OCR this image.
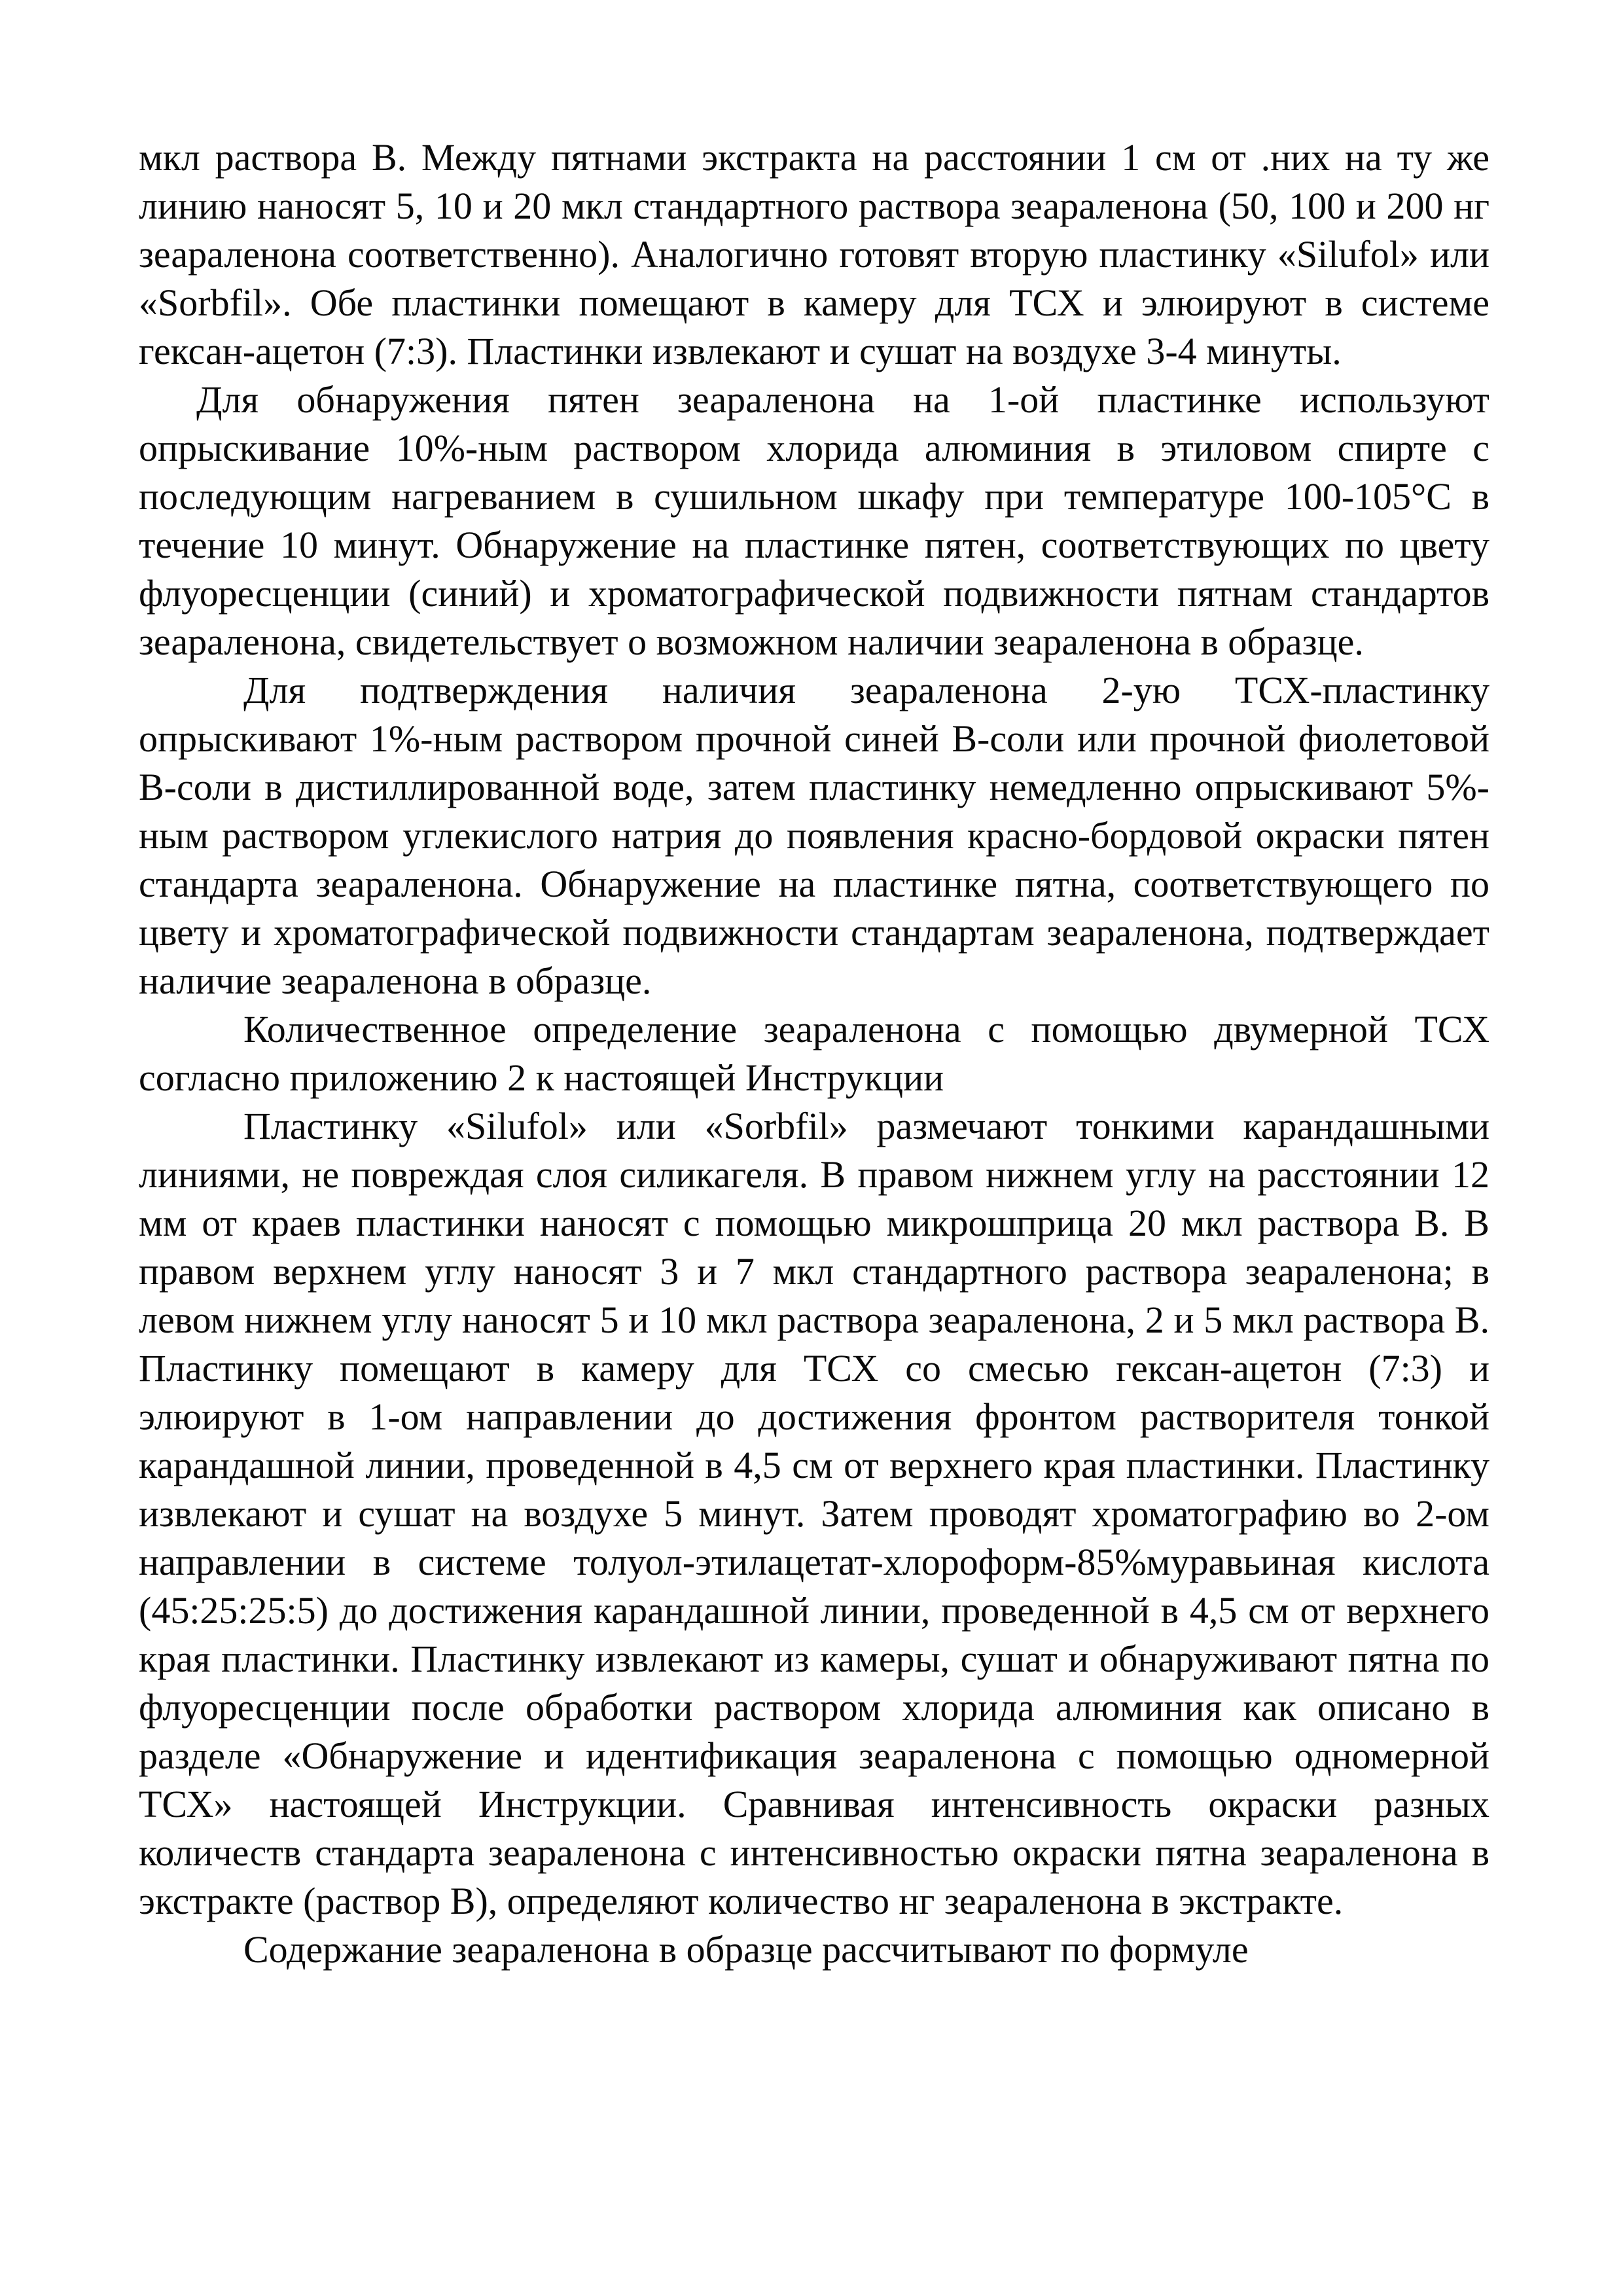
мкл раствора В. Между пятнами экстракта на расстоянии 1 см от .них на ту же линию наносят 5, 10 и 20 мкл стандартного раствора зеараленона (50, 100 и 200 нг зеараленона соответственно). Аналогично готовят вторую пластинку «Silufol» или «Sorbfil». Обе пластинки помещают в камеру для ТСХ и элюируют в системе гексан-ацетон (7:3). Пластинки извлекают и сушат на воздухе 3-4 минуты.

Для обнаружения пятен зеараленона на 1-ой пластинке используют опрыскивание 10%-ным раствором хлорида алюминия в этиловом спирте с последующим нагреванием в сушильном шкафу при температуре 100-105°С в течение 10 минут. Обнаружение на пластинке пятен, соответствующих по цвету флуоресценции (синий) и хроматографической подвижности пятнам стандартов зеараленона, свидетельствует о возможном наличии зеараленона в образце.

Для подтверждения наличия зеараленона 2-ую ТСХ-пластинку опрыскивают 1%-ным раствором прочной синей В-соли или прочной фиолетовой В-соли в дистиллированной воде, затем пластинку немедленно опрыскивают 5%-ным раствором углекислого натрия до появления красно-бордовой окраски пятен стандарта зеараленона. Обнаружение на пластинке пятна, соответствующего по цвету и хроматографической подвижности стандартам зеараленона, подтверждает наличие зеараленона в образце.

Количественное определение зеараленона с помощью двумерной ТСХ согласно приложению 2 к настоящей Инструкции

Пластинку «Silufol» или «Sorbfil» размечают тонкими карандашными линиями, не повреждая слоя силикагеля. В правом нижнем углу на расстоянии 12 мм от краев пластинки наносят с помощью микрошприца 20 мкл раствора В. В правом верхнем углу наносят 3 и 7 мкл стандартного раствора зеараленона; в левом нижнем углу наносят 5 и 10 мкл раствора зеараленона, 2 и 5 мкл раствора В. Пластинку помещают в камеру для ТСХ со смесью гексан-ацетон (7:3) и элюируют в 1-ом направлении до достижения фронтом растворителя тонкой карандашной линии, проведенной в 4,5 см от верхнего края пластинки. Пластинку извлекают и сушат на воздухе 5 минут. Затем проводят хроматографию во 2-ом направлении в системе толуол-этилацетат-хлороформ-85%муравьиная кислота (45:25:25:5) до достижения карандашной линии, проведенной в 4,5 см от верхнего края пластинки. Пластинку извлекают из камеры, сушат и обнаруживают пятна по флуоресценции после обработки раствором хлорида алюминия как описано в разделе «Обнаружение и идентификация зеараленона с помощью одномерной ТСХ» настоящей Инструкции. Сравнивая интенсивность окраски разных количеств стандарта зеараленона с интенсивностью окраски пятна зеараленона в экстракте (раствор В), определяют количество нг зеараленона в экстракте.

Содержание зеараленона в образце рассчитывают по формуле
